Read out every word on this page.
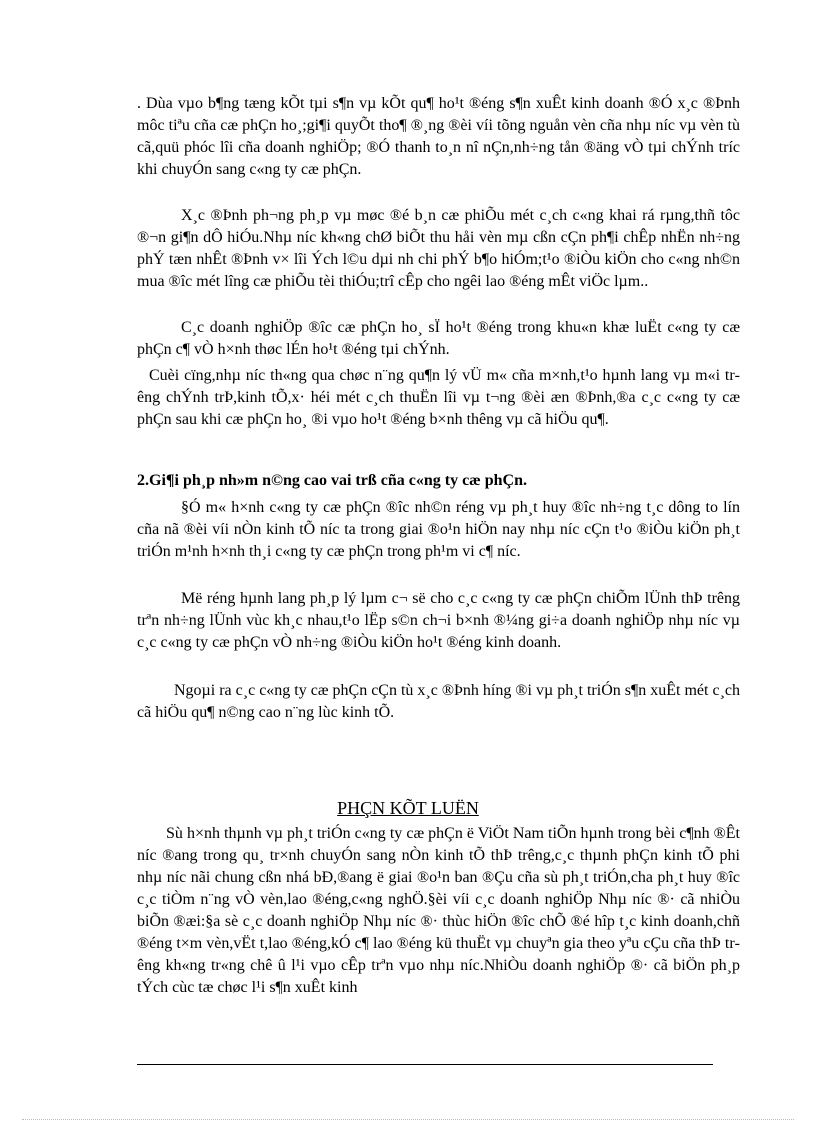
. Dùa vµo b¶ng tæng kÕt tµi s¶n vµ kÕt qu¶ ho¹t ®éng s¶n xuÊt kinh doanh ®Ó x¸c ®Þnh môc tiªu cña cæ phÇn ho¸;gi¶i quyÕt tho¶ ®¸ng ®èi víi tõng nguån vèn cña nhµ níc vµ vèn tù cã,quü phóc lîi cña doanh nghiÖp; ®Ó thanh to¸n nî nÇn,nh÷ng tån ®äng vÒ tµi chÝnh tríc khi chuyÓn sang c«ng ty cæ phÇn.
X¸c ®Þnh ph¬ng ph¸p vµ møc ®é b¸n cæ phiÕu mét c¸ch c«ng khai rá rµng,thñ tôc ®¬n gi¶n dÔ hiÓu.Nhµ níc kh«ng chØ biÕt thu håi vèn mµ cßn cÇn ph¶i chÊp nhËn nh÷ng phÝ tæn nhÊt ®Þnh v× lîi Ých l©u dµi nh chi phÝ b¶o hiÓm;t¹o ®iÒu kiÖn cho c«ng nh©n mua ®îc mét lîng cæ phiÕu tèi thiÓu;trî cÊp cho ngêi lao ®éng mÊt viÖc lµm..
C¸c doanh nghiÖp ®îc cæ phÇn ho¸ sÏ ho¹t ®éng trong khu«n khæ luËt c«ng ty cæ phÇn c¶ vÒ h×nh thøc lÉn ho¹t ®éng tµi chÝnh.
Cuèi cïng,nhµ níc th«ng qua chøc n¨ng qu¶n lý vÜ m« cña m×nh,t¹o hµnh lang vµ m«i trêng chÝnh trÞ,kinh tÕ,x· héi mét c¸ch thuËn lîi vµ t¬ng ®èi æn ®Þnh,®a c¸c c«ng ty cæ phÇn sau khi cæ phÇn ho¸ ®i vµo ho¹t ®éng b×nh thêng vµ cã hiÖu qu¶.
2.Gi¶i ph¸p nh»m n©ng cao vai trß cña c«ng ty cæ phÇn.
§Ó m« h×nh c«ng ty cæ phÇn ®îc nh©n réng vµ ph¸t huy ®îc nh÷ng t¸c dông to lín cña nã ®èi víi nÒn kinh tÕ níc ta trong giai ®o¹n hiÖn nay nhµ níc cÇn t¹o ®iÒu kiÖn ph¸t triÓn m¹nh h×nh th¸i c«ng ty cæ phÇn trong ph¹m vi c¶ níc.
Më réng hµnh lang ph¸p lý lµm c¬ së cho c¸c c«ng ty cæ phÇn chiÕm lÜnh thÞ trêng trªn nh÷ng lÜnh vùc kh¸c nhau,t¹o lËp s©n ch¬i b×nh ®¼ng gi÷a doanh nghiÖp nhµ níc vµ c¸c c«ng ty cæ phÇn vÒ nh÷ng ®iÒu kiÖn ho¹t ®éng kinh doanh.
Ngoµi ra c¸c c«ng ty cæ phÇn cÇn tù x¸c ®Þnh híng ®i vµ ph¸t triÓn s¶n xuÊt mét c¸ch cã hiÖu qu¶ n©ng cao n¨ng lùc kinh tÕ.
PHÇN KÕT LUËN
Sù h×nh thµnh vµ ph¸t triÓn c«ng ty cæ phÇn ë ViÖt Nam tiÕn hµnh trong bèi c¶nh ®Êt níc ®ang trong qu¸ tr×nh chuyÓn sang nÒn kinh tÕ thÞ trêng,c¸c thµnh phÇn kinh tÕ phi nhµ níc nãi chung cßn nhá bÐ,®ang ë giai ®o¹n ban ®Çu cña sù ph¸t triÓn,cha ph¸t huy ®îc c¸c tiÒm n¨ng vÒ vèn,lao ®éng,c«ng nghÖ.§èi víi c¸c doanh nghiÖp Nhµ níc ®· cã nhiÒu biÕn ®æi:§a sè c¸c doanh nghiÖp Nhµ níc ®· thùc hiÖn ®îc chÕ ®é hîp t¸c kinh doanh,chñ ®éng t×m vèn,vËt t,lao ®éng,kÓ c¶ lao ®éng kü thuËt vµ chuyªn gia theo yªu cÇu cña thÞ trêng kh«ng tr«ng chê û l¹i vµo cÊp trªn vµo nhµ níc.NhiÒu doanh nghiÖp ®· cã biÖn ph¸p tÝch cùc tæ chøc l¹i s¶n xuÊt kinh
